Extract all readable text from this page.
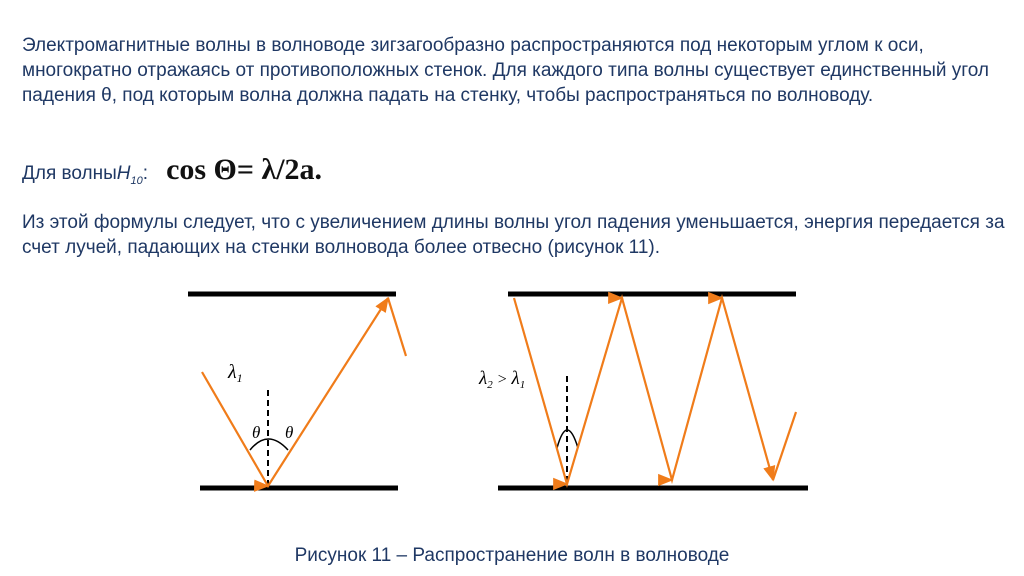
Электромагнитные волны в волноводе зигзагообразно распространяются под некоторым углом к оси, многократно отражаясь от противоположных стенок. Для каждого типа волны существует единственный угол падения θ, под которым волна должна падать на стенку, чтобы распространяться по волноводу.

Для волны $H_{10}$ : cos Θ= λ/2a.

Из этой формулы следует, что с увеличением длины волны угол падения уменьшается, энергия передается за счет лучей, падающих на стенки волновода более отвесно (рисунок 11).

$\lambda_1$
θ θ
$\lambda_2$ > $\lambda_1$
Рисунок 11 – Распространение волн в волноводе
